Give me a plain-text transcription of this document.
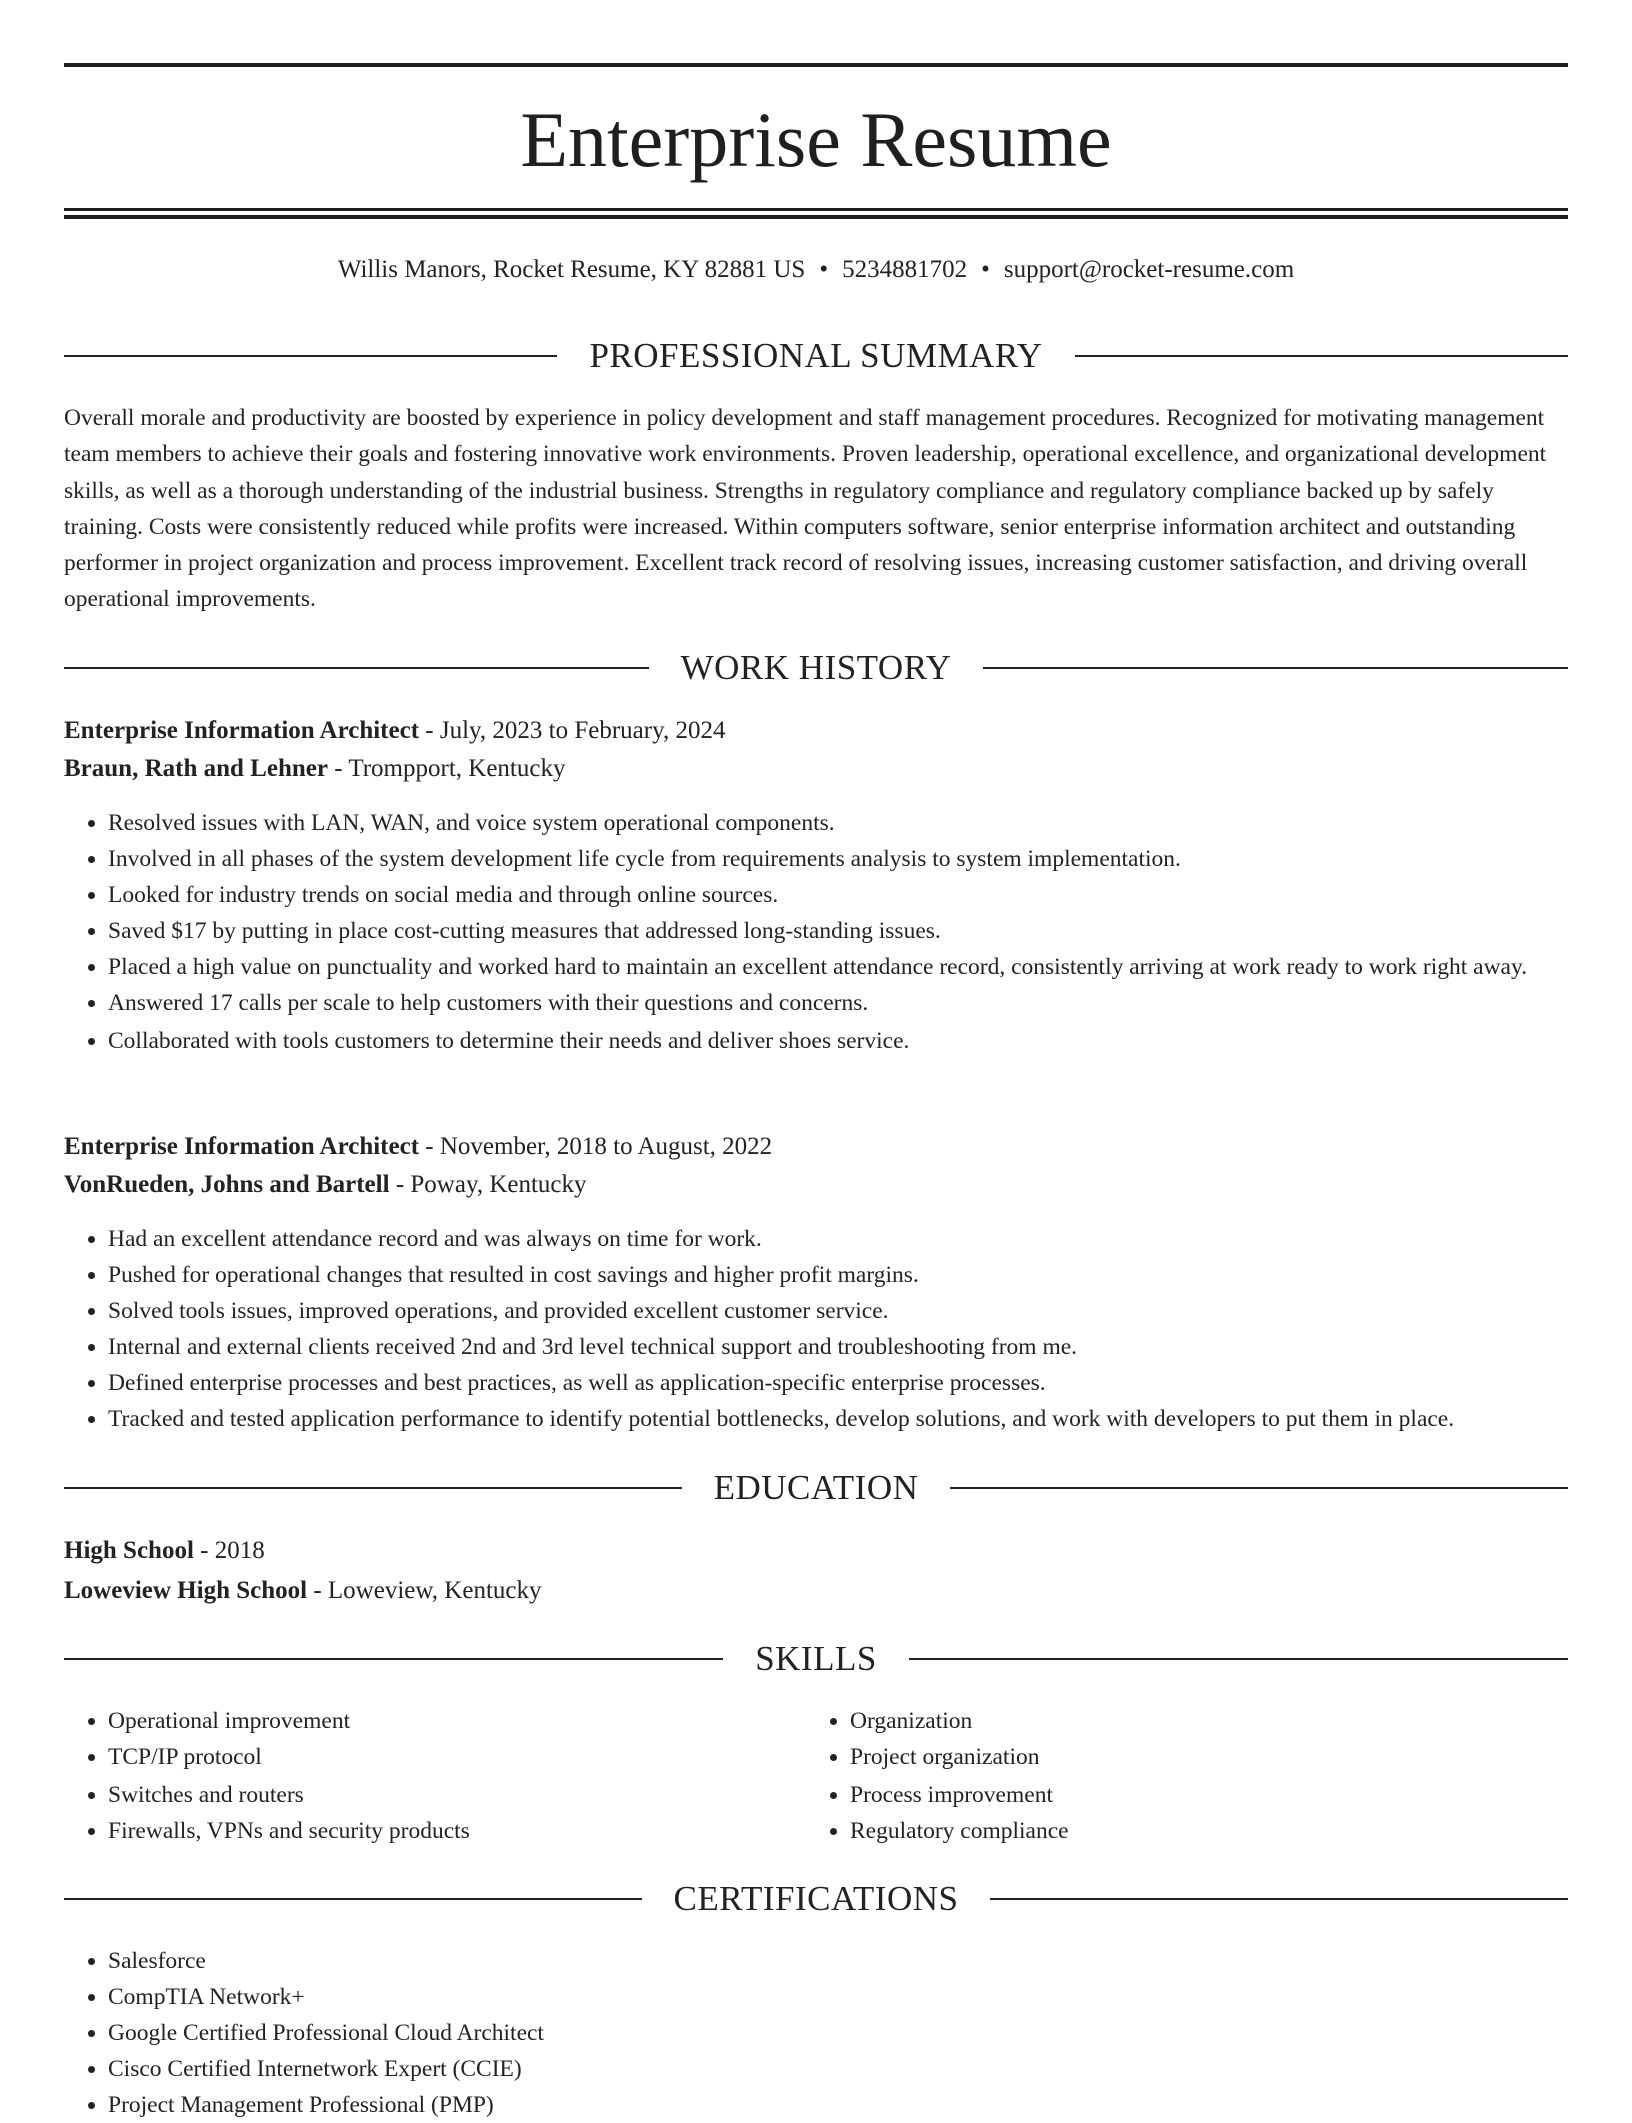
Enterprise Resume
Willis Manors, Rocket Resume, KY 82881 US • 5234881702 • support@rocket-resume.com
PROFESSIONAL SUMMARY

Overall morale and productivity are boosted by experience in policy development and staff management procedures. Recognized for motivating management team members to achieve their goals and fostering innovative work environments. Proven leadership, operational excellence, and organizational development skills, as well as a thorough understanding of the industrial business. Strengths in regulatory compliance and regulatory compliance backed up by safely training. Costs were consistently reduced while profits were increased. Within computers software, senior enterprise information architect and outstanding performer in project organization and process improvement. Excellent track record of resolving issues, increasing customer satisfaction, and driving overall operational improvements.

WORK HISTORY
Enterprise Information Architect - July, 2023 to February, 2024
Braun, Rath and Lehner - Trompport, Kentucky
• Resolved issues with LAN, WAN, and voice system operational components.
• Involved in all phases of the system development life cycle from requirements analysis to system implementation.
• Looked for industry trends on social media and through online sources.
• Saved $17 by putting in place cost-cutting measures that addressed long-standing issues.
• Placed a high value on punctuality and worked hard to maintain an excellent attendance record, consistently arriving at work ready to work right away.
• Answered 17 calls per scale to help customers with their questions and concerns.
• Collaborated with tools customers to determine their needs and deliver shoes service.
Enterprise Information Architect - November, 2018 to August, 2022
VonRueden, Johns and Bartell - Poway, Kentucky
• Had an excellent attendance record and was always on time for work.
• Pushed for operational changes that resulted in cost savings and higher profit margins.
• Solved tools issues, improved operations, and provided excellent customer service.
• Internal and external clients received 2nd and 3rd level technical support and troubleshooting from me.
• Defined enterprise processes and best practices, as well as application-specific enterprise processes.
• Tracked and tested application performance to identify potential bottlenecks, develop solutions, and work with developers to put them in place.
EDUCATION
High School - 2018
Loweview High School - Loweview, Kentucky
SKILLS
• Operational improvement
• TCP/IP protocol
• Switches and routers
• Firewalls, VPNs and security products
• Organization
• Project organization
• Process improvement
• Regulatory compliance
CERTIFICATIONS
• Salesforce
• CompTIA Network+
• Google Certified Professional Cloud Architect
• Cisco Certified Internetwork Expert (CCIE)
• Project Management Professional (PMP)
